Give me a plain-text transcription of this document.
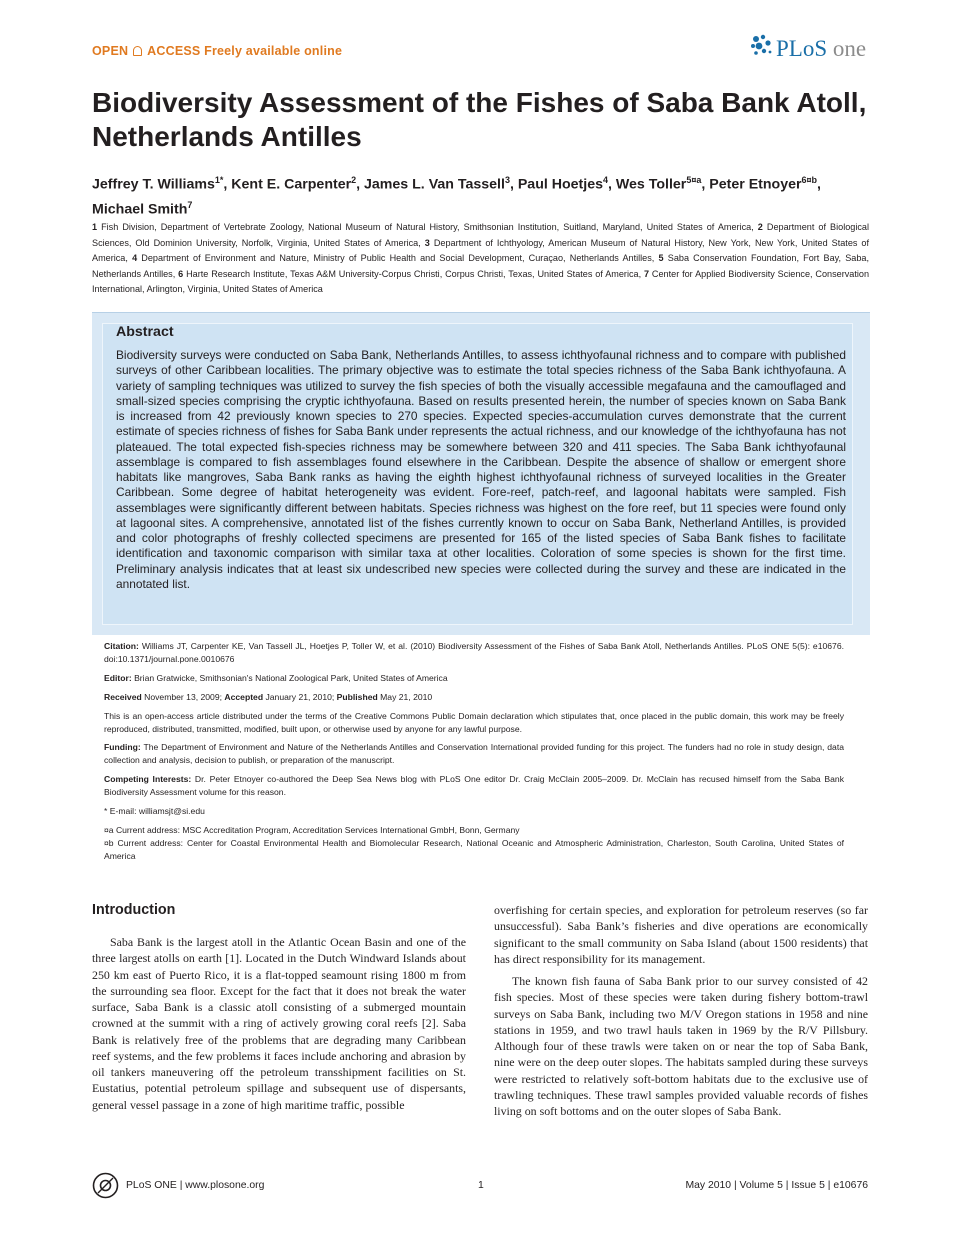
OPEN ACCESS Freely available online	PLoS one
Biodiversity Assessment of the Fishes of Saba Bank Atoll, Netherlands Antilles
Jeffrey T. Williams$^{1*}$, Kent E. Carpenter$^2$, James L. Van Tassell$^3$, Paul Hoetjes$^4$, Wes Toller$^{5¤a}$, Peter Etnoyer$^{6¤b}$, Michael Smith$^7$
1 Fish Division, Department of Vertebrate Zoology, National Museum of Natural History, Smithsonian Institution, Suitland, Maryland, United States of America, 2 Department of Biological Sciences, Old Dominion University, Norfolk, Virginia, United States of America, 3 Department of Ichthyology, American Museum of Natural History, New York, New York, United States of America, 4 Department of Environment and Nature, Ministry of Public Health and Social Development, Curaçao, Netherlands Antilles, 5 Saba Conservation Foundation, Fort Bay, Saba, Netherlands Antilles, 6 Harte Research Institute, Texas A&M University-Corpus Christi, Corpus Christi, Texas, United States of America, 7 Center for Applied Biodiversity Science, Conservation International, Arlington, Virginia, United States of America
Abstract
Biodiversity surveys were conducted on Saba Bank, Netherlands Antilles, to assess ichthyofaunal richness and to compare with published surveys of other Caribbean localities. The primary objective was to estimate the total species richness of the Saba Bank ichthyofauna. A variety of sampling techniques was utilized to survey the fish species of both the visually accessible megafauna and the camouflaged and small-sized species comprising the cryptic ichthyofauna. Based on results presented herein, the number of species known on Saba Bank is increased from 42 previously known species to 270 species. Expected species-accumulation curves demonstrate that the current estimate of species richness of fishes for Saba Bank under represents the actual richness, and our knowledge of the ichthyofauna has not plateaued. The total expected fish-species richness may be somewhere between 320 and 411 species. The Saba Bank ichthyofaunal assemblage is compared to fish assemblages found elsewhere in the Caribbean. Despite the absence of shallow or emergent shore habitats like mangroves, Saba Bank ranks as having the eighth highest ichthyofaunal richness of surveyed localities in the Greater Caribbean. Some degree of habitat heterogeneity was evident. Fore-reef, patch-reef, and lagoonal habitats were sampled. Fish assemblages were significantly different between habitats. Species richness was highest on the fore reef, but 11 species were found only at lagoonal sites. A comprehensive, annotated list of the fishes currently known to occur on Saba Bank, Netherland Antilles, is provided and color photographs of freshly collected specimens are presented for 165 of the listed species of Saba Bank fishes to facilitate identification and taxonomic comparison with similar taxa at other localities. Coloration of some species is shown for the first time. Preliminary analysis indicates that at least six undescribed new species were collected during the survey and these are indicated in the annotated list.

Citation: Williams JT, Carpenter KE, Van Tassell JL, Hoetjes P, Toller W, et al. (2010) Biodiversity Assessment of the Fishes of Saba Bank Atoll, Netherlands Antilles. PLoS ONE 5(5): e10676. doi:10.1371/journal.pone.0010676

Editor: Brian Gratwicke, Smithsonian's National Zoological Park, United States of America

Received November 13, 2009; Accepted January 21, 2010; Published May 21, 2010

This is an open-access article distributed under the terms of the Creative Commons Public Domain declaration which stipulates that, once placed in the public domain, this work may be freely reproduced, distributed, transmitted, modified, built upon, or otherwise used by anyone for any lawful purpose.

Funding: The Department of Environment and Nature of the Netherlands Antilles and Conservation International provided funding for this project. The funders had no role in study design, data collection and analysis, decision to publish, or preparation of the manuscript.

Competing Interests: Dr. Peter Etnoyer co-authored the Deep Sea News blog with PLoS One editor Dr. Craig McClain 2005–2009. Dr. McClain has recused himself from the Saba Bank Biodiversity Assessment volume for this reason.

* E-mail: williamsjt@si.edu

¤a Current address: MSC Accreditation Program, Accreditation Services International GmbH, Bonn, Germany

¤b Current address: Center for Coastal Environmental Health and Biomolecular Research, National Oceanic and Atmospheric Administration, Charleston, South Carolina, United States of America

Introduction

Saba Bank is the largest atoll in the Atlantic Ocean Basin and one of the three largest atolls on earth [1]. Located in the Dutch Windward Islands about 250 km east of Puerto Rico, it is a flat-topped seamount rising 1800 m from the surrounding sea floor. Except for the fact that it does not break the water surface, Saba Bank is a classic atoll consisting of a submerged mountain crowned at the summit with a ring of actively growing coral reefs [2]. Saba Bank is relatively free of the problems that are degrading many Caribbean reef systems, and the few problems it faces include anchoring and abrasion by oil tankers maneuvering off the petroleum transshipment facilities on St. Eustatius, potential petroleum spillage and subsequent use of dispersants, general vessel passage in a zone of high maritime traffic, possible

overfishing for certain species, and exploration for petroleum reserves (so far unsuccessful). Saba Bank’s fisheries and dive operations are economically significant to the small community on Saba Island (about 1500 residents) that has direct responsibility for its management.

The known fish fauna of Saba Bank prior to our survey consisted of 42 fish species. Most of these species were taken during fishery bottom-trawl surveys on Saba Bank, including two M/V Oregon stations in 1958 and nine stations in 1959, and two trawl hauls taken in 1969 by the R/V Pillsbury. Although four of these trawls were taken on or near the top of Saba Bank, nine were on the deep outer slopes. The habitats sampled during these surveys were restricted to relatively soft-bottom habitats due to the exclusive use of trawling techniques. These trawl samples provided valuable records of fishes living on soft bottoms and on the outer slopes of Saba Bank.

PLoS ONE | www.plosone.org	1	May 2010 | Volume 5 | Issue 5 | e10676
